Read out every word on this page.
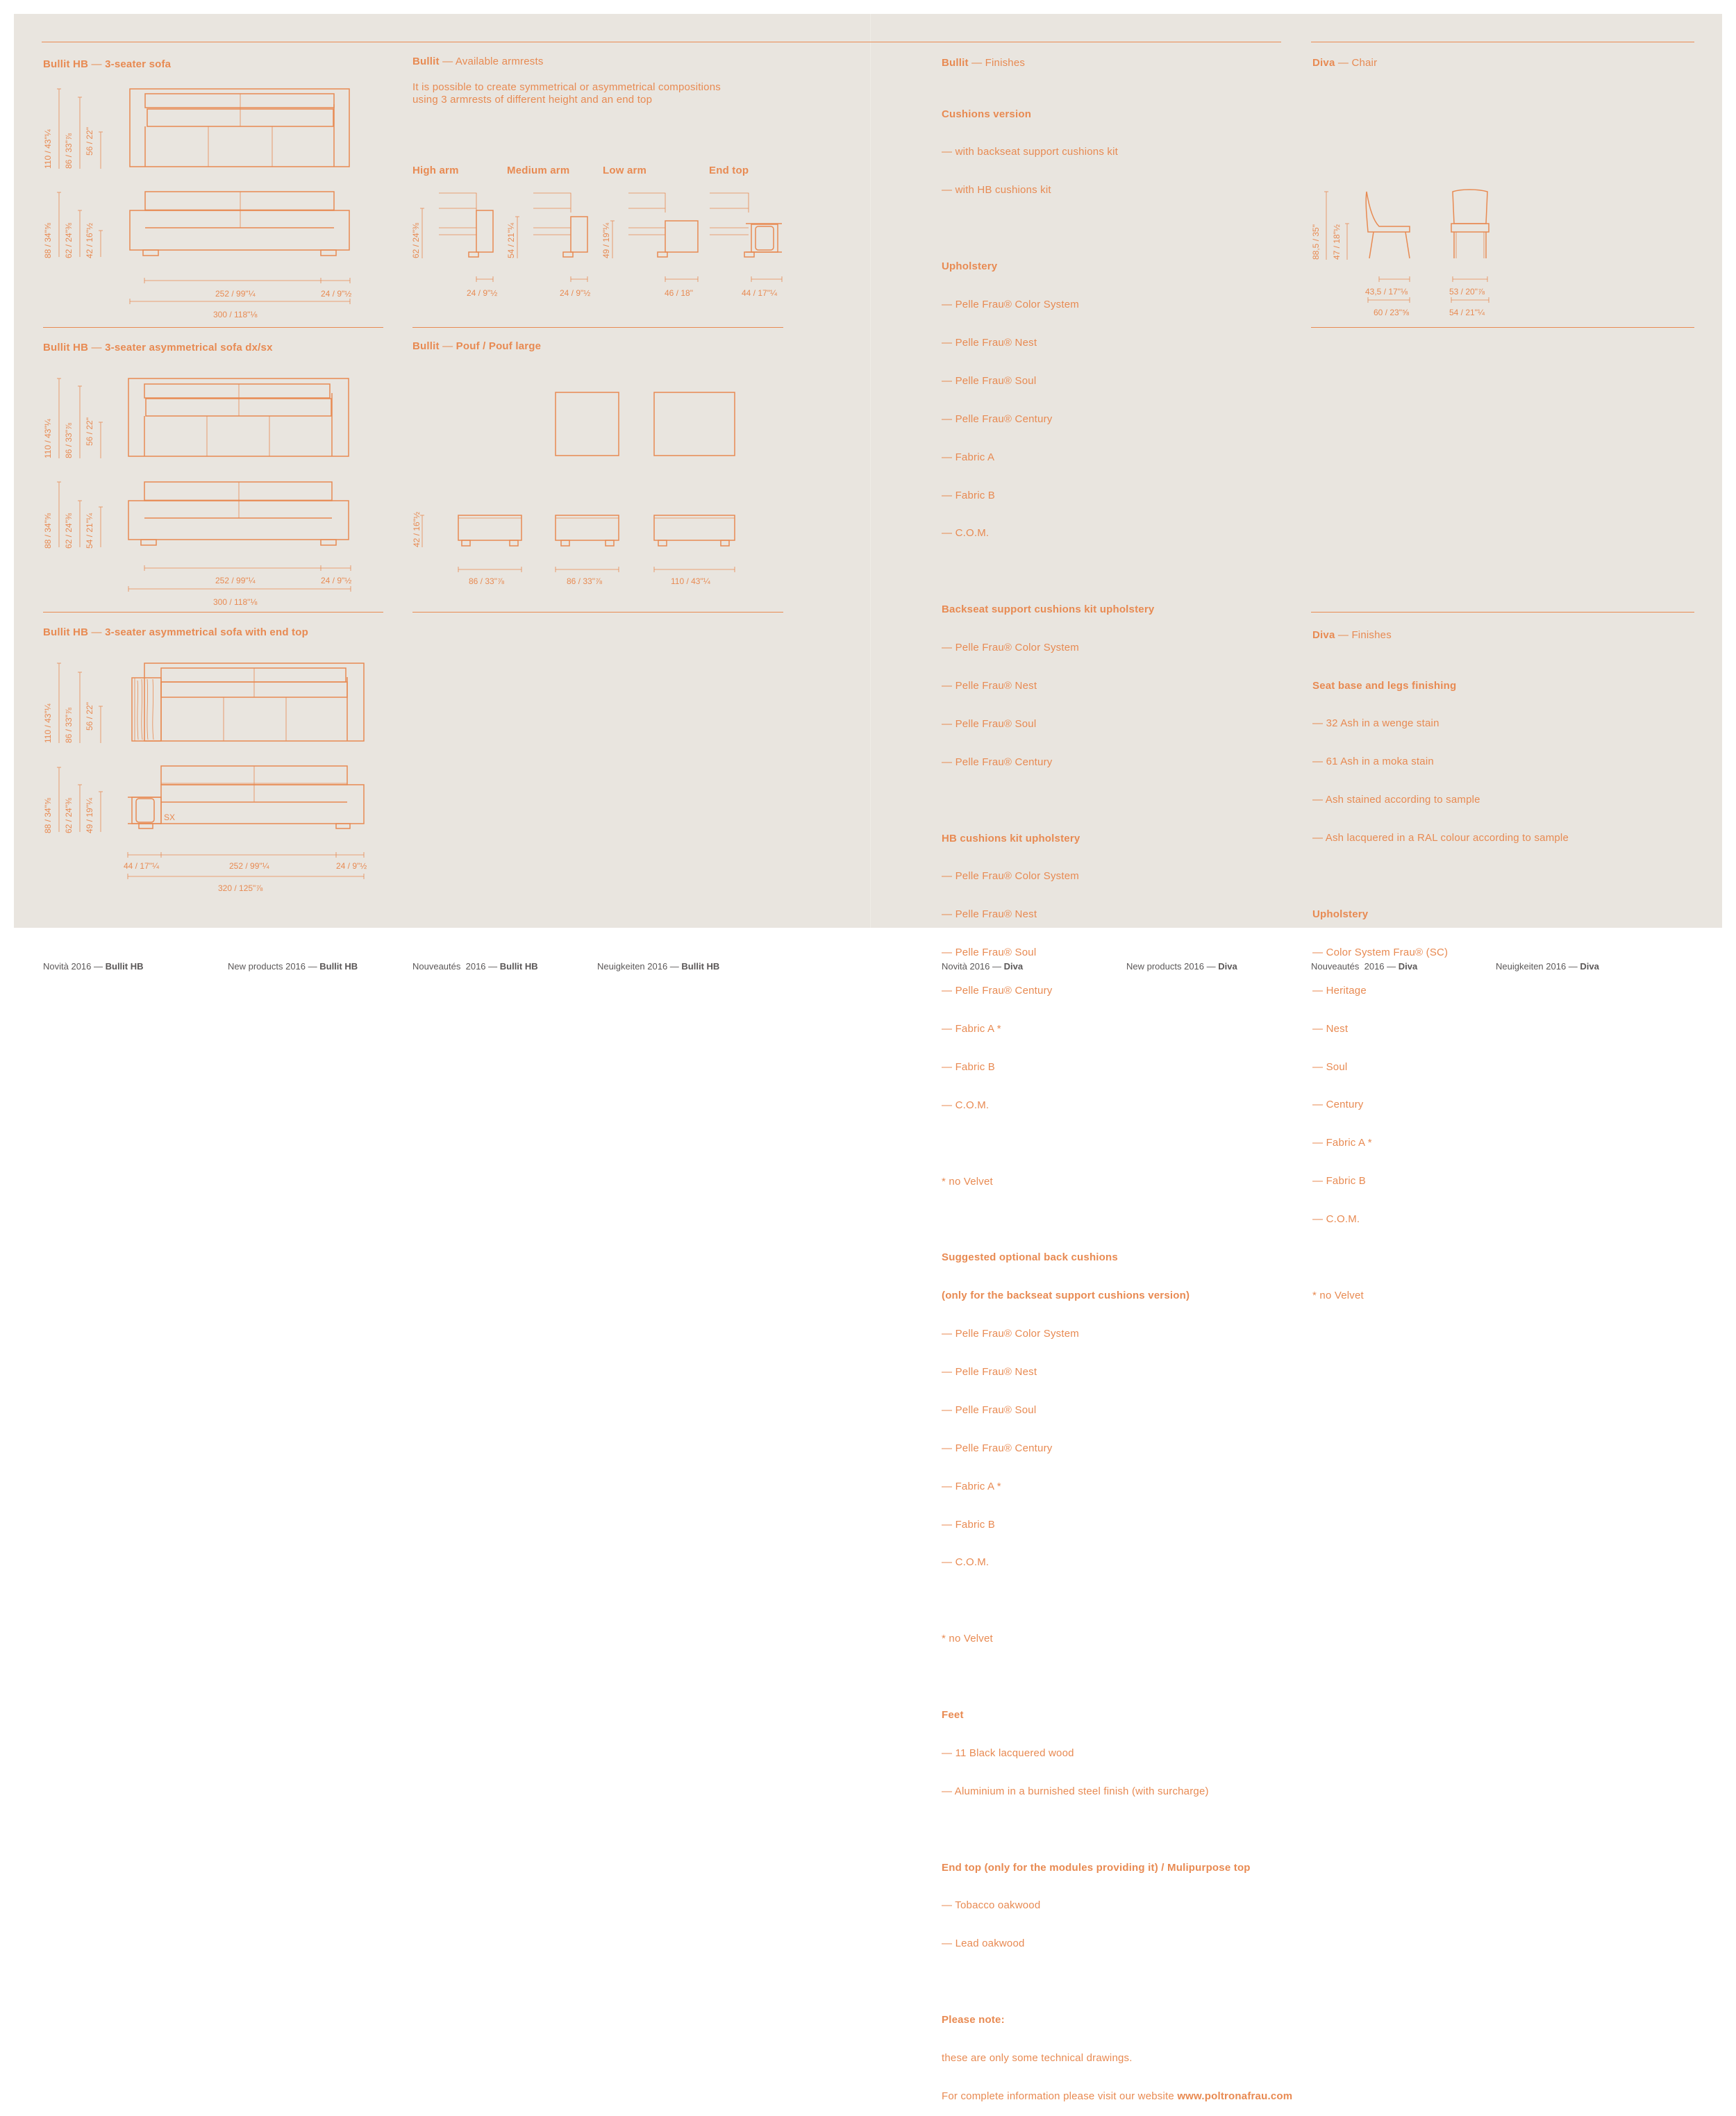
Bullit HB — 3-seater sofa
110 / 43"¼ 86 / 33"⅞ 56 / 22"
88 / 34"⅝ 62 / 24"⅜ 42 / 16"½
252 / 99"¼	24 / 9"½
300 / 118"⅛
Bullit HB — 3-seater asymmetrical sofa dx/sx
110 / 43"¼ 86 / 33"⅞ 56 / 22"
88 / 34"⅝ 62 / 24"⅜ 54 / 21"¼
252 / 99"¼	24 / 9"½
300 / 118"⅛
Bullit HB — 3-seater asymmetrical sofa with end top
SX
110 / 43"¼ 86 / 33"⅞ 56 / 22"
88 / 34"⅝ 62 / 24"⅜ 49 / 19"¼
44 / 17"¼	252 / 99"¼	24 / 9"½
320 / 125"⅞
Bullit — Available armrests
It is possible to create symmetrical or asymmetrical compositions
using 3 armrests of different height and an end top
High arm	Medium arm	Low arm	End top
62 / 24"⅜	54 / 21"¼	49 / 19"¼
24 / 9"½	24 / 9"½	46 / 18"	44 / 17"¼
Bullit — Pouf / Pouf large
42 / 16"½
86 / 33"⅞	86 / 33"⅞	110 / 43"¼
Bullit — Finishes

Cushions version

— with backseat support cushions kit

— with HB cushions kit

Upholstery

— Pelle Frau® Color System

— Pelle Frau® Nest

— Pelle Frau® Soul

— Pelle Frau® Century

— Fabric A

— Fabric B

— C.O.M.

Backseat support cushions kit upholstery

— Pelle Frau® Color System

— Pelle Frau® Nest

— Pelle Frau® Soul

— Pelle Frau® Century

HB cushions kit upholstery

— Pelle Frau® Color System

— Pelle Frau® Nest

— Pelle Frau® Soul

— Pelle Frau® Century

— Fabric A *

— Fabric B

— C.O.M.

* no Velvet

Suggested optional back cushions

(only for the backseat support cushions version)

— Pelle Frau® Color System

— Pelle Frau® Nest

— Pelle Frau® Soul

— Pelle Frau® Century

— Fabric A *

— Fabric B

— C.O.M.

* no Velvet

Feet

— 11 Black lacquered wood

— Aluminium in a burnished steel finish (with surcharge)

End top (only for the modules providing it) / Mulipurpose top

— Tobacco oakwood

— Lead oakwood

Please note:

these are only some technical drawings.

For complete information please visit our website www.poltronafrau.com

Diva — Chair
88,5 / 35" 47 / 18"½
43,5 / 17"⅛
60 / 23"⅝
53 / 20"⅞
54 / 21"¼
Diva — Finishes

Seat base and legs finishing

— 32 Ash in a wenge stain

— 61 Ash in a moka stain

— Ash stained according to sample

— Ash lacquered in a RAL colour according to sample

Upholstery

— Color System Frau® (SC)

— Heritage

— Nest

— Soul

— Century

— Fabric A *

— Fabric B

— C.O.M.

* no Velvet

Novità 2016 — Bullit HB	New products 2016 — Bullit HB	Nouveautés  2016 — Bullit HB	Neuigkeiten 2016 — Bullit HB	Novità 2016 — Diva	New products 2016 — Diva	Nouveautés  2016 — Diva	Neuigkeiten 2016 — Diva
